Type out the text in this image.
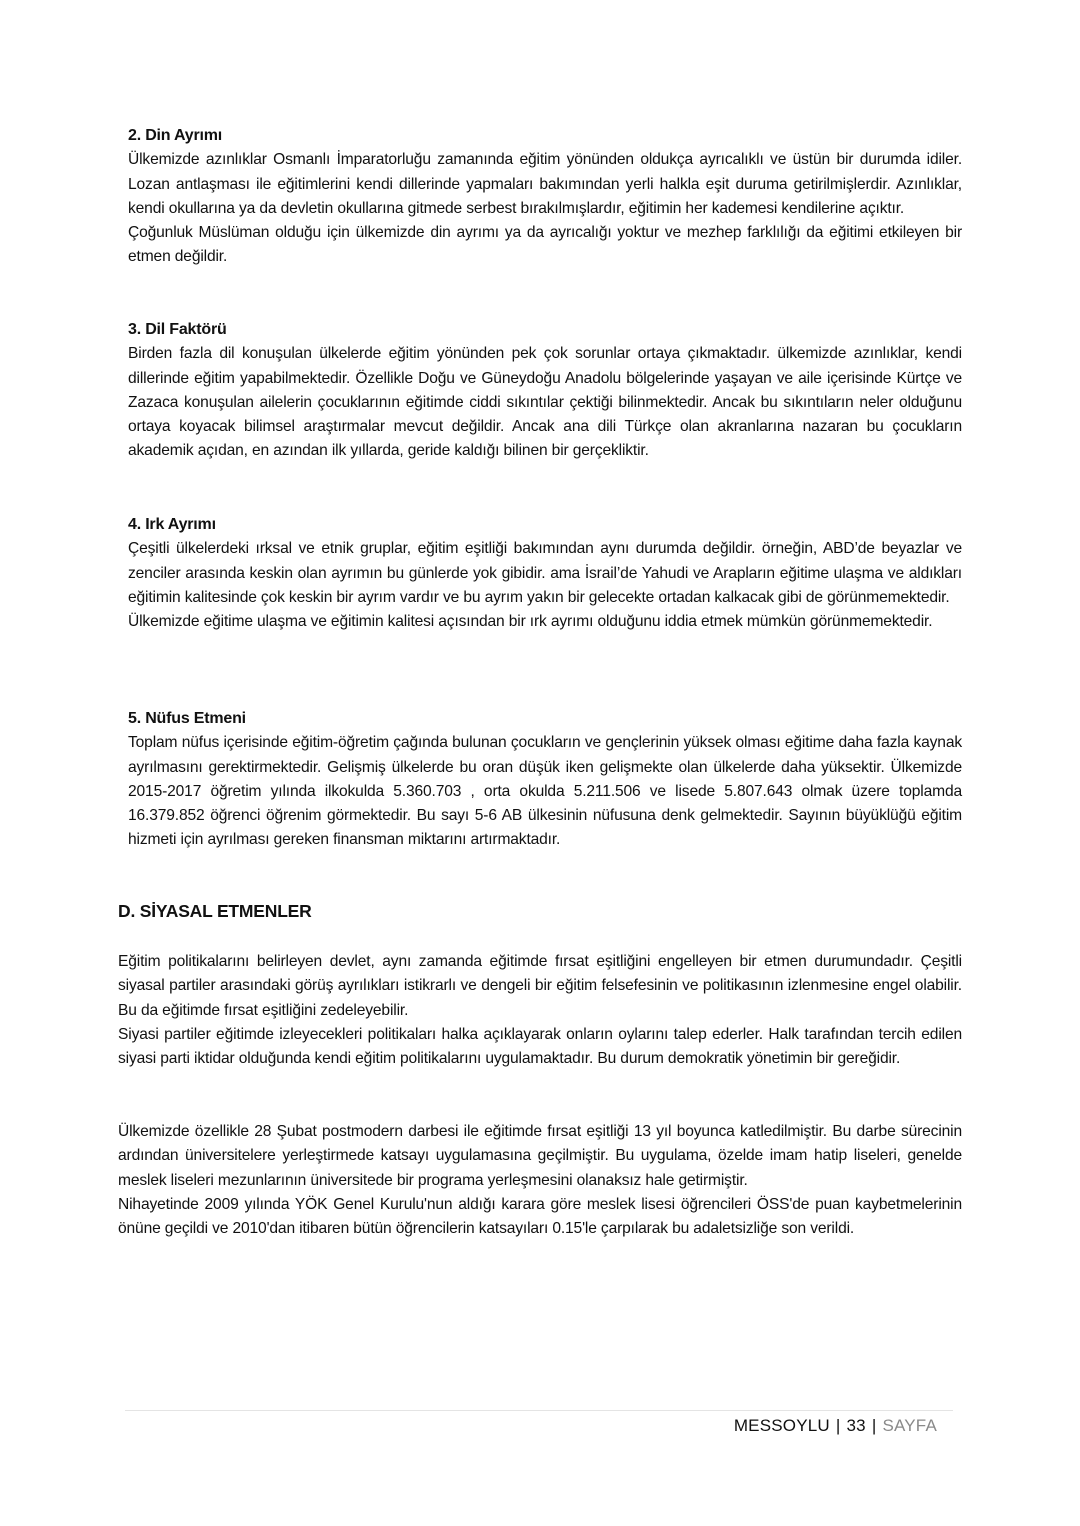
2. Din Ayrımı

Ülkemizde azınlıklar Osmanlı İmparatorluğu zamanında eğitim yönünden oldukça ayrıcalıklı ve üstün bir durumda idiler. Lozan antlaşması ile eğitimlerini kendi dillerinde yapmaları bakımından yerli halkla eşit duruma getirilmişlerdir. Azınlıklar, kendi okullarına ya da devletin okullarına gitmede serbest bırakılmışlardır, eğitimin her kademesi kendilerine açıktır.

Çoğunluk Müslüman olduğu için ülkemizde din ayrımı ya da ayrıcalığı yoktur ve mezhep farklılığı da eğitimi etkileyen bir etmen değildir.

3. Dil Faktörü

Birden fazla dil konuşulan ülkelerde eğitim yönünden pek çok sorunlar ortaya çıkmaktadır. ülkemizde azınlıklar, kendi dillerinde eğitim yapabilmektedir. Özellikle Doğu ve Güneydoğu Anadolu bölgelerinde yaşayan ve aile içerisinde Kürtçe ve Zazaca konuşulan ailelerin çocuklarının eğitimde ciddi sıkıntılar çektiği bilinmektedir. Ancak bu sıkıntıların neler olduğunu ortaya koyacak bilimsel araştırmalar mevcut değildir. Ancak ana dili Türkçe olan akranlarına nazaran bu çocukların akademik açıdan, en azından ilk yıllarda, geride kaldığı bilinen bir gerçekliktir.

4. Irk Ayrımı

Çeşitli ülkelerdeki ırksal ve etnik gruplar, eğitim eşitliği bakımından aynı durumda değildir. örneğin, ABD’de beyazlar ve zenciler arasında keskin olan ayrımın bu günlerde yok gibidir. ama İsrail’de Yahudi ve Arapların eğitime ulaşma ve aldıkları eğitimin kalitesinde çok keskin bir ayrım vardır ve bu ayrım yakın bir gelecekte ortadan kalkacak gibi de görünmemektedir.

Ülkemizde eğitime ulaşma ve eğitimin kalitesi açısından bir ırk ayrımı olduğunu iddia etmek mümkün görünmemektedir.

5. Nüfus Etmeni

Toplam nüfus içerisinde eğitim-öğretim çağında bulunan çocukların ve gençlerinin yüksek olması eğitime daha fazla kaynak ayrılmasını gerektirmektedir. Gelişmiş ülkelerde bu oran düşük iken gelişmekte olan ülkelerde daha yüksektir. Ülkemizde 2015-2017 öğretim yılında ilkokulda 5.360.703 , orta okulda 5.211.506 ve lisede 5.807.643 olmak üzere toplamda 16.379.852 öğrenci öğrenim görmektedir. Bu sayı 5-6 AB ülkesinin nüfusuna denk gelmektedir. Sayının büyüklüğü eğitim hizmeti için ayrılması gereken finansman miktarını artırmaktadır.

D. SİYASAL ETMENLER

Eğitim politikalarını belirleyen devlet, aynı zamanda eğitimde fırsat eşitliğini engelleyen bir etmen durumundadır. Çeşitli siyasal partiler arasındaki görüş ayrılıkları istikrarlı ve dengeli bir eğitim felsefesinin ve politikasının izlenmesine engel olabilir. Bu da eğitimde fırsat eşitliğini zedeleyebilir.

Siyasi partiler eğitimde izleyecekleri politikaları halka açıklayarak onların oylarını talep ederler. Halk tarafından tercih edilen siyasi parti iktidar olduğunda kendi eğitim politikalarını uygulamaktadır. Bu durum demokratik yönetimin bir gereğidir.

Ülkemizde özellikle 28 Şubat postmodern darbesi ile eğitimde fırsat eşitliği 13 yıl boyunca katledilmiştir. Bu darbe sürecinin ardından üniversitelere yerleştirmede katsayı uygulamasına geçilmiştir. Bu uygulama, özelde imam hatip liseleri, genelde meslek liseleri mezunlarının üniversitede bir programa yerleşmesini olanaksız hale getirmiştir.

Nihayetinde 2009 yılında YÖK Genel Kurulu'nun aldığı karara göre meslek lisesi öğrencileri ÖSS'de puan kaybetmelerinin önüne geçildi ve 2010'dan itibaren bütün öğrencilerin katsayıları 0.15'le çarpılarak bu adaletsizliğe son verildi.

MESSOYLU | 33 | SAYFA
